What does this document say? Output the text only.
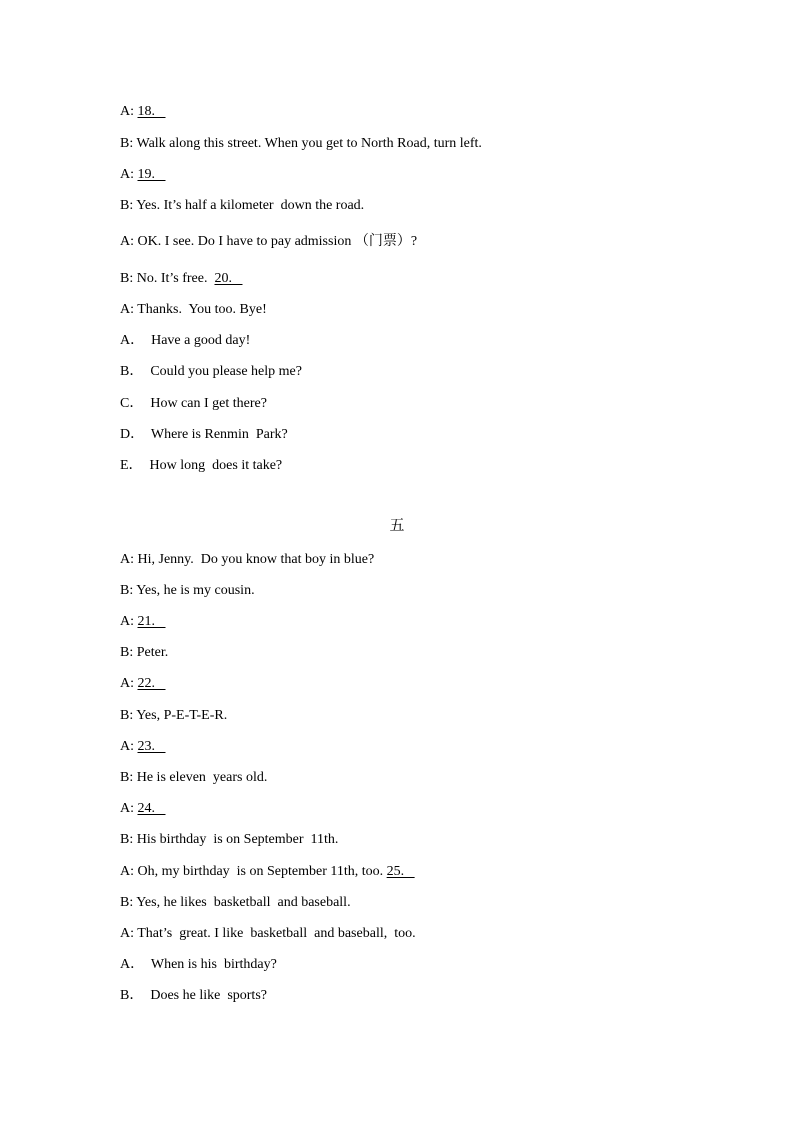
A: 18.
B: Walk along this street. When you get to North Road, turn left.
A: 19.
B: Yes. It’s half a kilometer  down the road.
A: OK. I see. Do I have to pay admission （门票）?
B: No. It’s free.  20.
A: Thanks.  You too. Bye!
A．  Have a good day!
B．  Could you please help me?
C．  How can I get there?
D．  Where is Renmin  Park?
E．  How long  does it take?
五
A: Hi, Jenny.  Do you know that boy in blue?
B: Yes, he is my cousin.
A: 21.
B: Peter.
A: 22.
B: Yes, P-E-T-E-R.
A: 23.
B: He is eleven  years old.
A: 24.
B: His birthday  is on September  11th.
A: Oh, my birthday  is on September 11th, too. 25.
B: Yes, he likes  basketball  and baseball.
A: That’s  great. I like  basketball  and baseball,  too.
A．  When is his  birthday?
B．  Does he like  sports?
